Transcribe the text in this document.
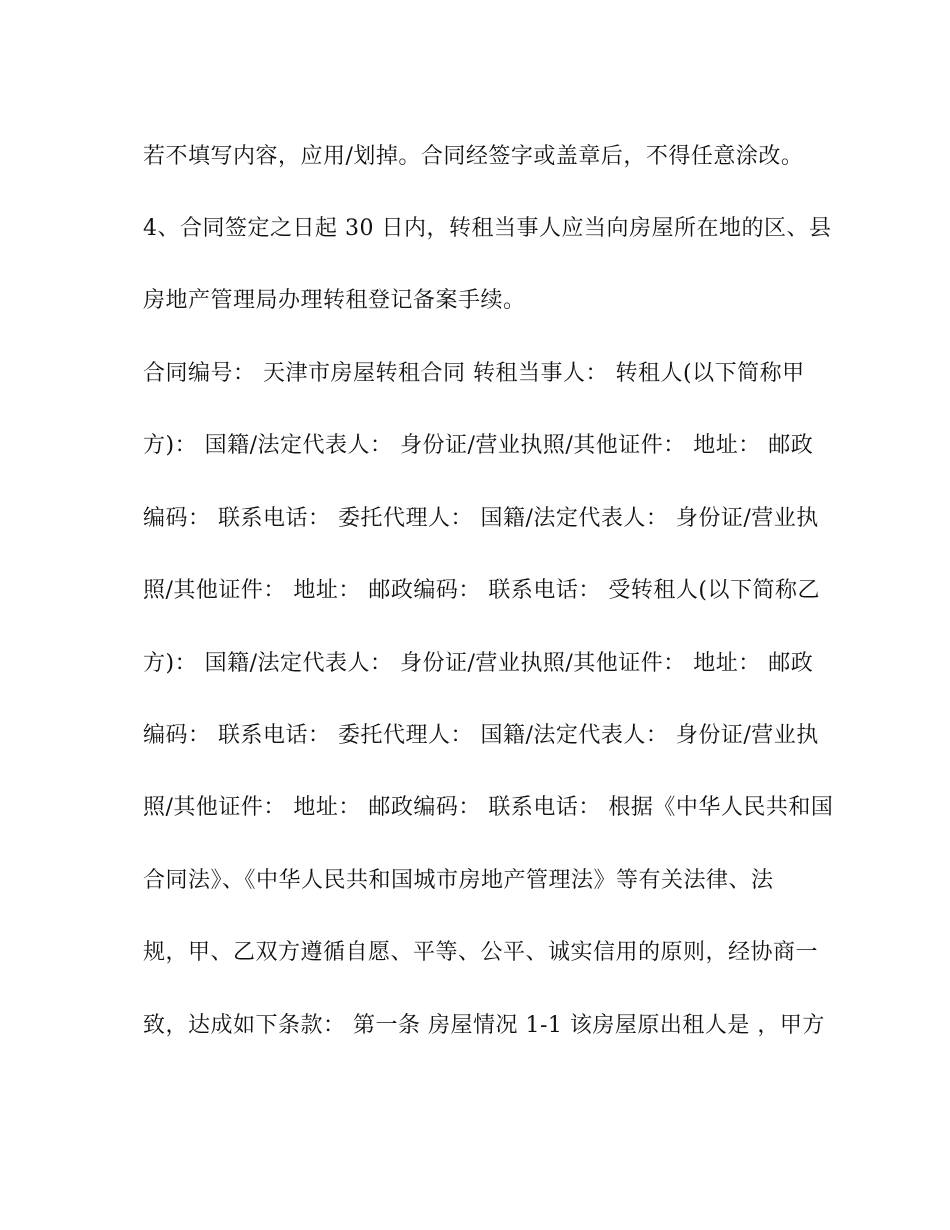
若不填写内容，应用/划掉。合同经签字或盖章后，不得任意涂改。

4、合同签定之日起 30 日内，转租当事人应当向房屋所在地的区、县

房地产管理局办理转租登记备案手续。

合同编号： 天津市房屋转租合同 转租当事人： 转租人(以下简称甲

方)： 国籍/法定代表人： 身份证/营业执照/其他证件： 地址： 邮政

编码： 联系电话： 委托代理人： 国籍/法定代表人： 身份证/营业执

照/其他证件： 地址： 邮政编码： 联系电话： 受转租人(以下简称乙

方)： 国籍/法定代表人： 身份证/营业执照/其他证件： 地址： 邮政

编码： 联系电话： 委托代理人： 国籍/法定代表人： 身份证/营业执

照/其他证件： 地址： 邮政编码： 联系电话： 根据《中华人民共和国

合同法》、《中华人民共和国城市房地产管理法》等有关法律、法

规，甲、乙双方遵循自愿、平等、公平、诚实信用的原则，经协商一

致，达成如下条款： 第一条 房屋情况 1-1 该房屋原出租人是 ，甲方
